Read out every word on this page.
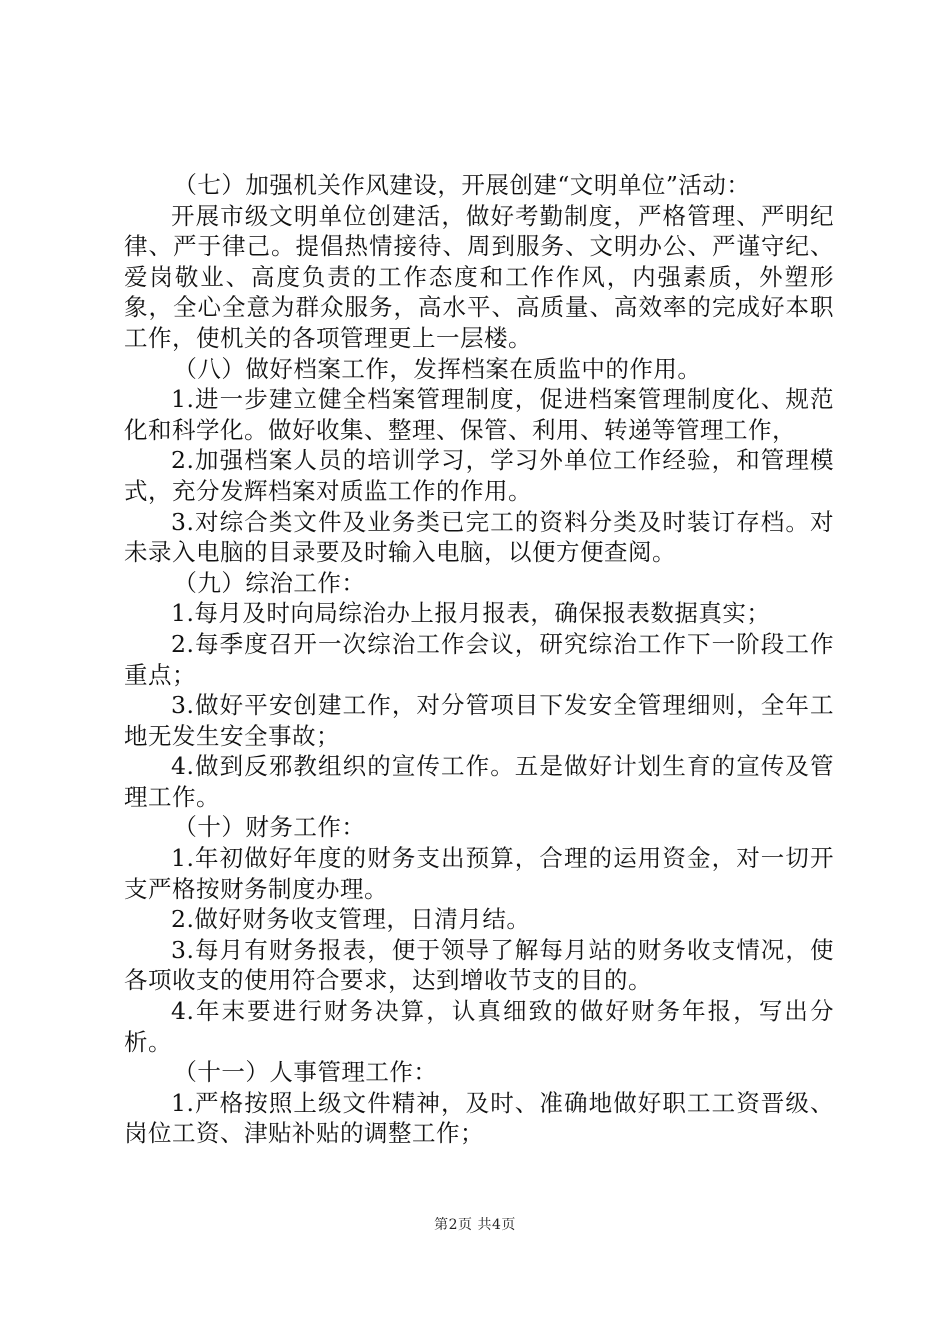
（七）加强机关作风建设，开展创建“文明单位”活动：

开展市级文明单位创建活，做好考勤制度，严格管理、严明纪律、严于律己。提倡热情接待、周到服务、文明办公、严谨守纪、爱岗敬业、高度负责的工作态度和工作作风，内强素质，外塑形象，全心全意为群众服务，高水平、高质量、高效率的完成好本职工作，使机关的各项管理更上一层楼。

（八）做好档案工作，发挥档案在质监中的作用。

1.进一步建立健全档案管理制度，促进档案管理制度化、规范化和科学化。做好收集、整理、保管、利用、转递等管理工作，

2.加强档案人员的培训学习，学习外单位工作经验，和管理模式，充分发辉档案对质监工作的作用。

3.对综合类文件及业务类已完工的资料分类及时装订存档。对未录入电脑的目录要及时输入电脑，以便方便查阅。

（九）综治工作：

1.每月及时向局综治办上报月报表，确保报表数据真实；

2.每季度召开一次综治工作会议，研究综治工作下一阶段工作重点；

3.做好平安创建工作，对分管项目下发安全管理细则，全年工地无发生安全事故；

4.做到反邪教组织的宣传工作。五是做好计划生育的宣传及管理工作。

（十）财务工作：

1.年初做好年度的财务支出预算，合理的运用资金，对一切开支严格按财务制度办理。

2.做好财务收支管理，日清月结。

3.每月有财务报表，便于领导了解每月站的财务收支情况，使各项收支的使用符合要求，达到增收节支的目的。

4.年末要进行财务决算，认真细致的做好财务年报，写出分析。

（十一）人事管理工作：

1.严格按照上级文件精神，及时、准确地做好职工工资晋级、岗位工资、津贴补贴的调整工作；

第2页 共4页
